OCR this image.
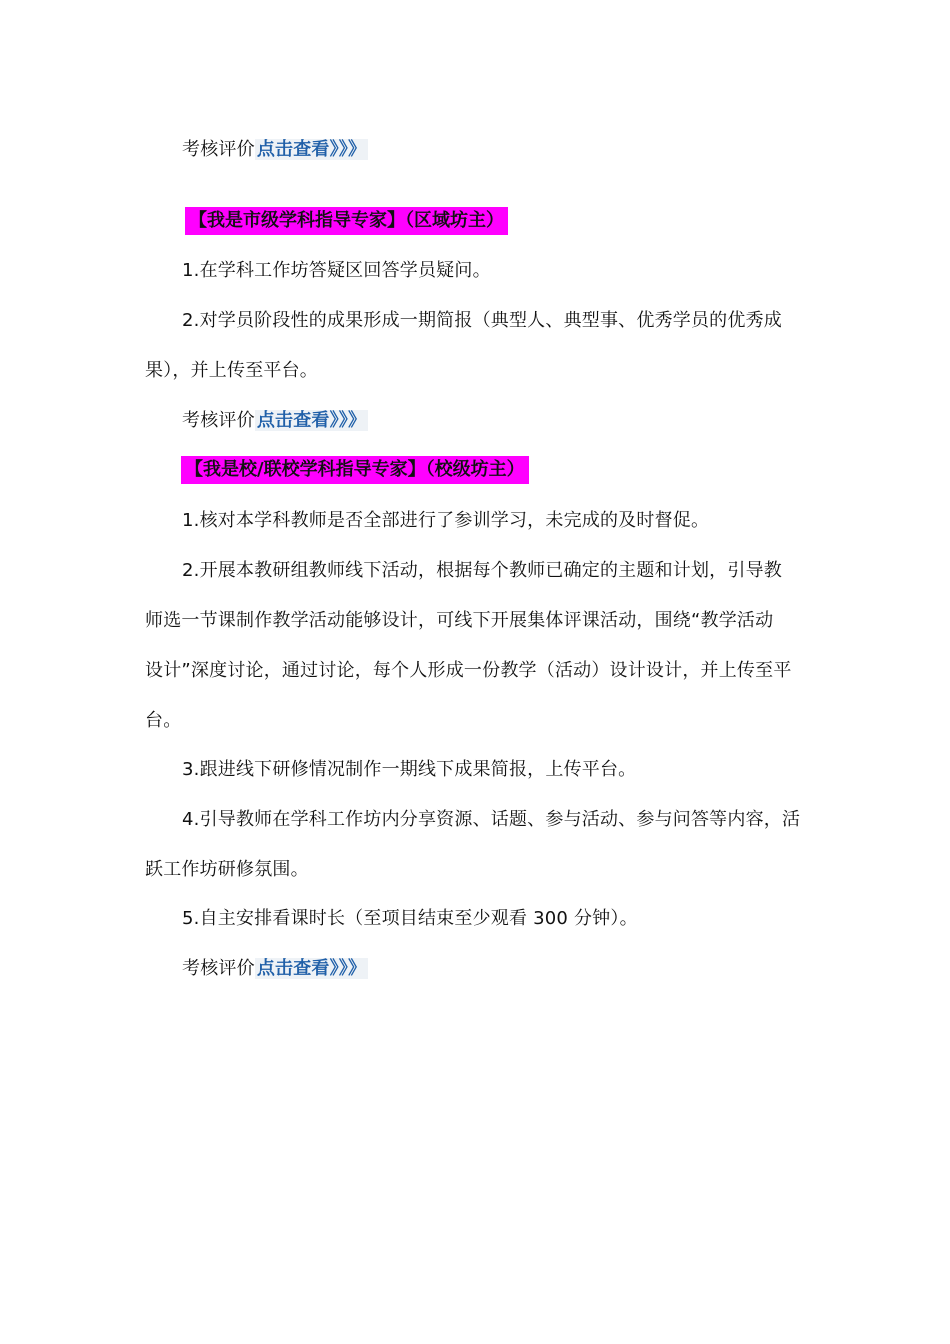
考核评价 点击查看》》》
【我是市级学科指导专家】（区域坊主）
1.在学科工作坊答疑区回答学员疑问。
2.对学员阶段性的成果形成一期简报（典型人、典型事、优秀学员的优秀成
果），并上传至平台。
考核评价 点击查看》》》
【我是校/联校学科指导专家】（校级坊主）
1.核对本学科教师是否全部进行了参训学习，未完成的及时督促。
2.开展本教研组教师线下活动，根据每个教师已确定的主题和计划，引导教
师选一节课制作教学活动能够设计，可线下开展集体评课活动，围绕“教学活动
设计”深度讨论，通过讨论，每个人形成一份教学（活动）设计设计，并上传至平
台。
3.跟进线下研修情况制作一期线下成果简报，上传平台。
4.引导教师在学科工作坊内分享资源、话题、参与活动、参与问答等内容，活
跃工作坊研修氛围。
5.自主安排看课时长（至项目结束至少观看 300 分钟）。
考核评价 点击查看》》》
